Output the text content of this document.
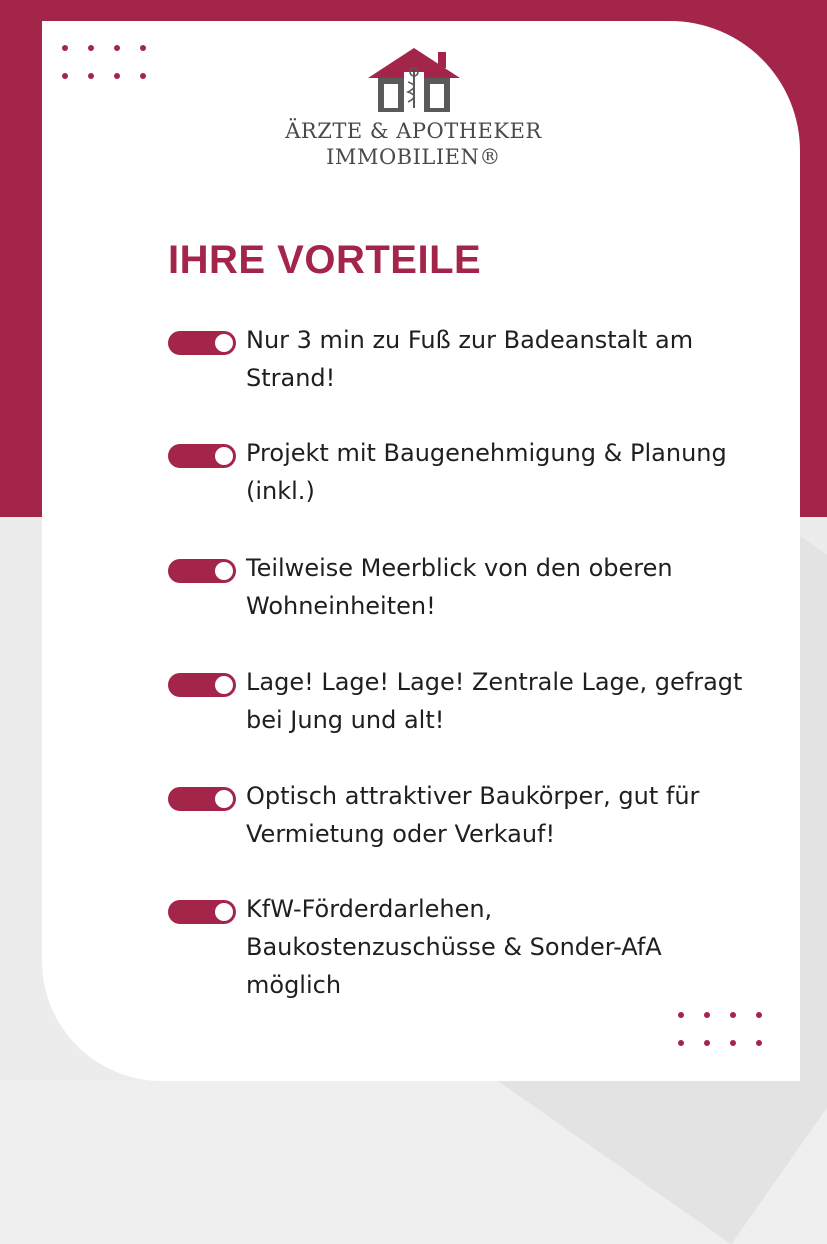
ÄRZTE & APOTHEKER
IMMOBILIEN®
IHRE VORTEILE
Nur 3 min zu Fuß zur Badeanstalt am Strand!
Projekt mit Baugenehmigung & Planung (inkl.)
Teilweise Meerblick von den oberen Wohneinheiten!
Lage! Lage! Lage! Zentrale Lage, gefragt bei Jung und alt!
Optisch attraktiver Baukörper, gut für Vermietung oder Verkauf!
KfW-Förderdarlehen, Baukostenzuschüsse & Sonder-AfA möglich
